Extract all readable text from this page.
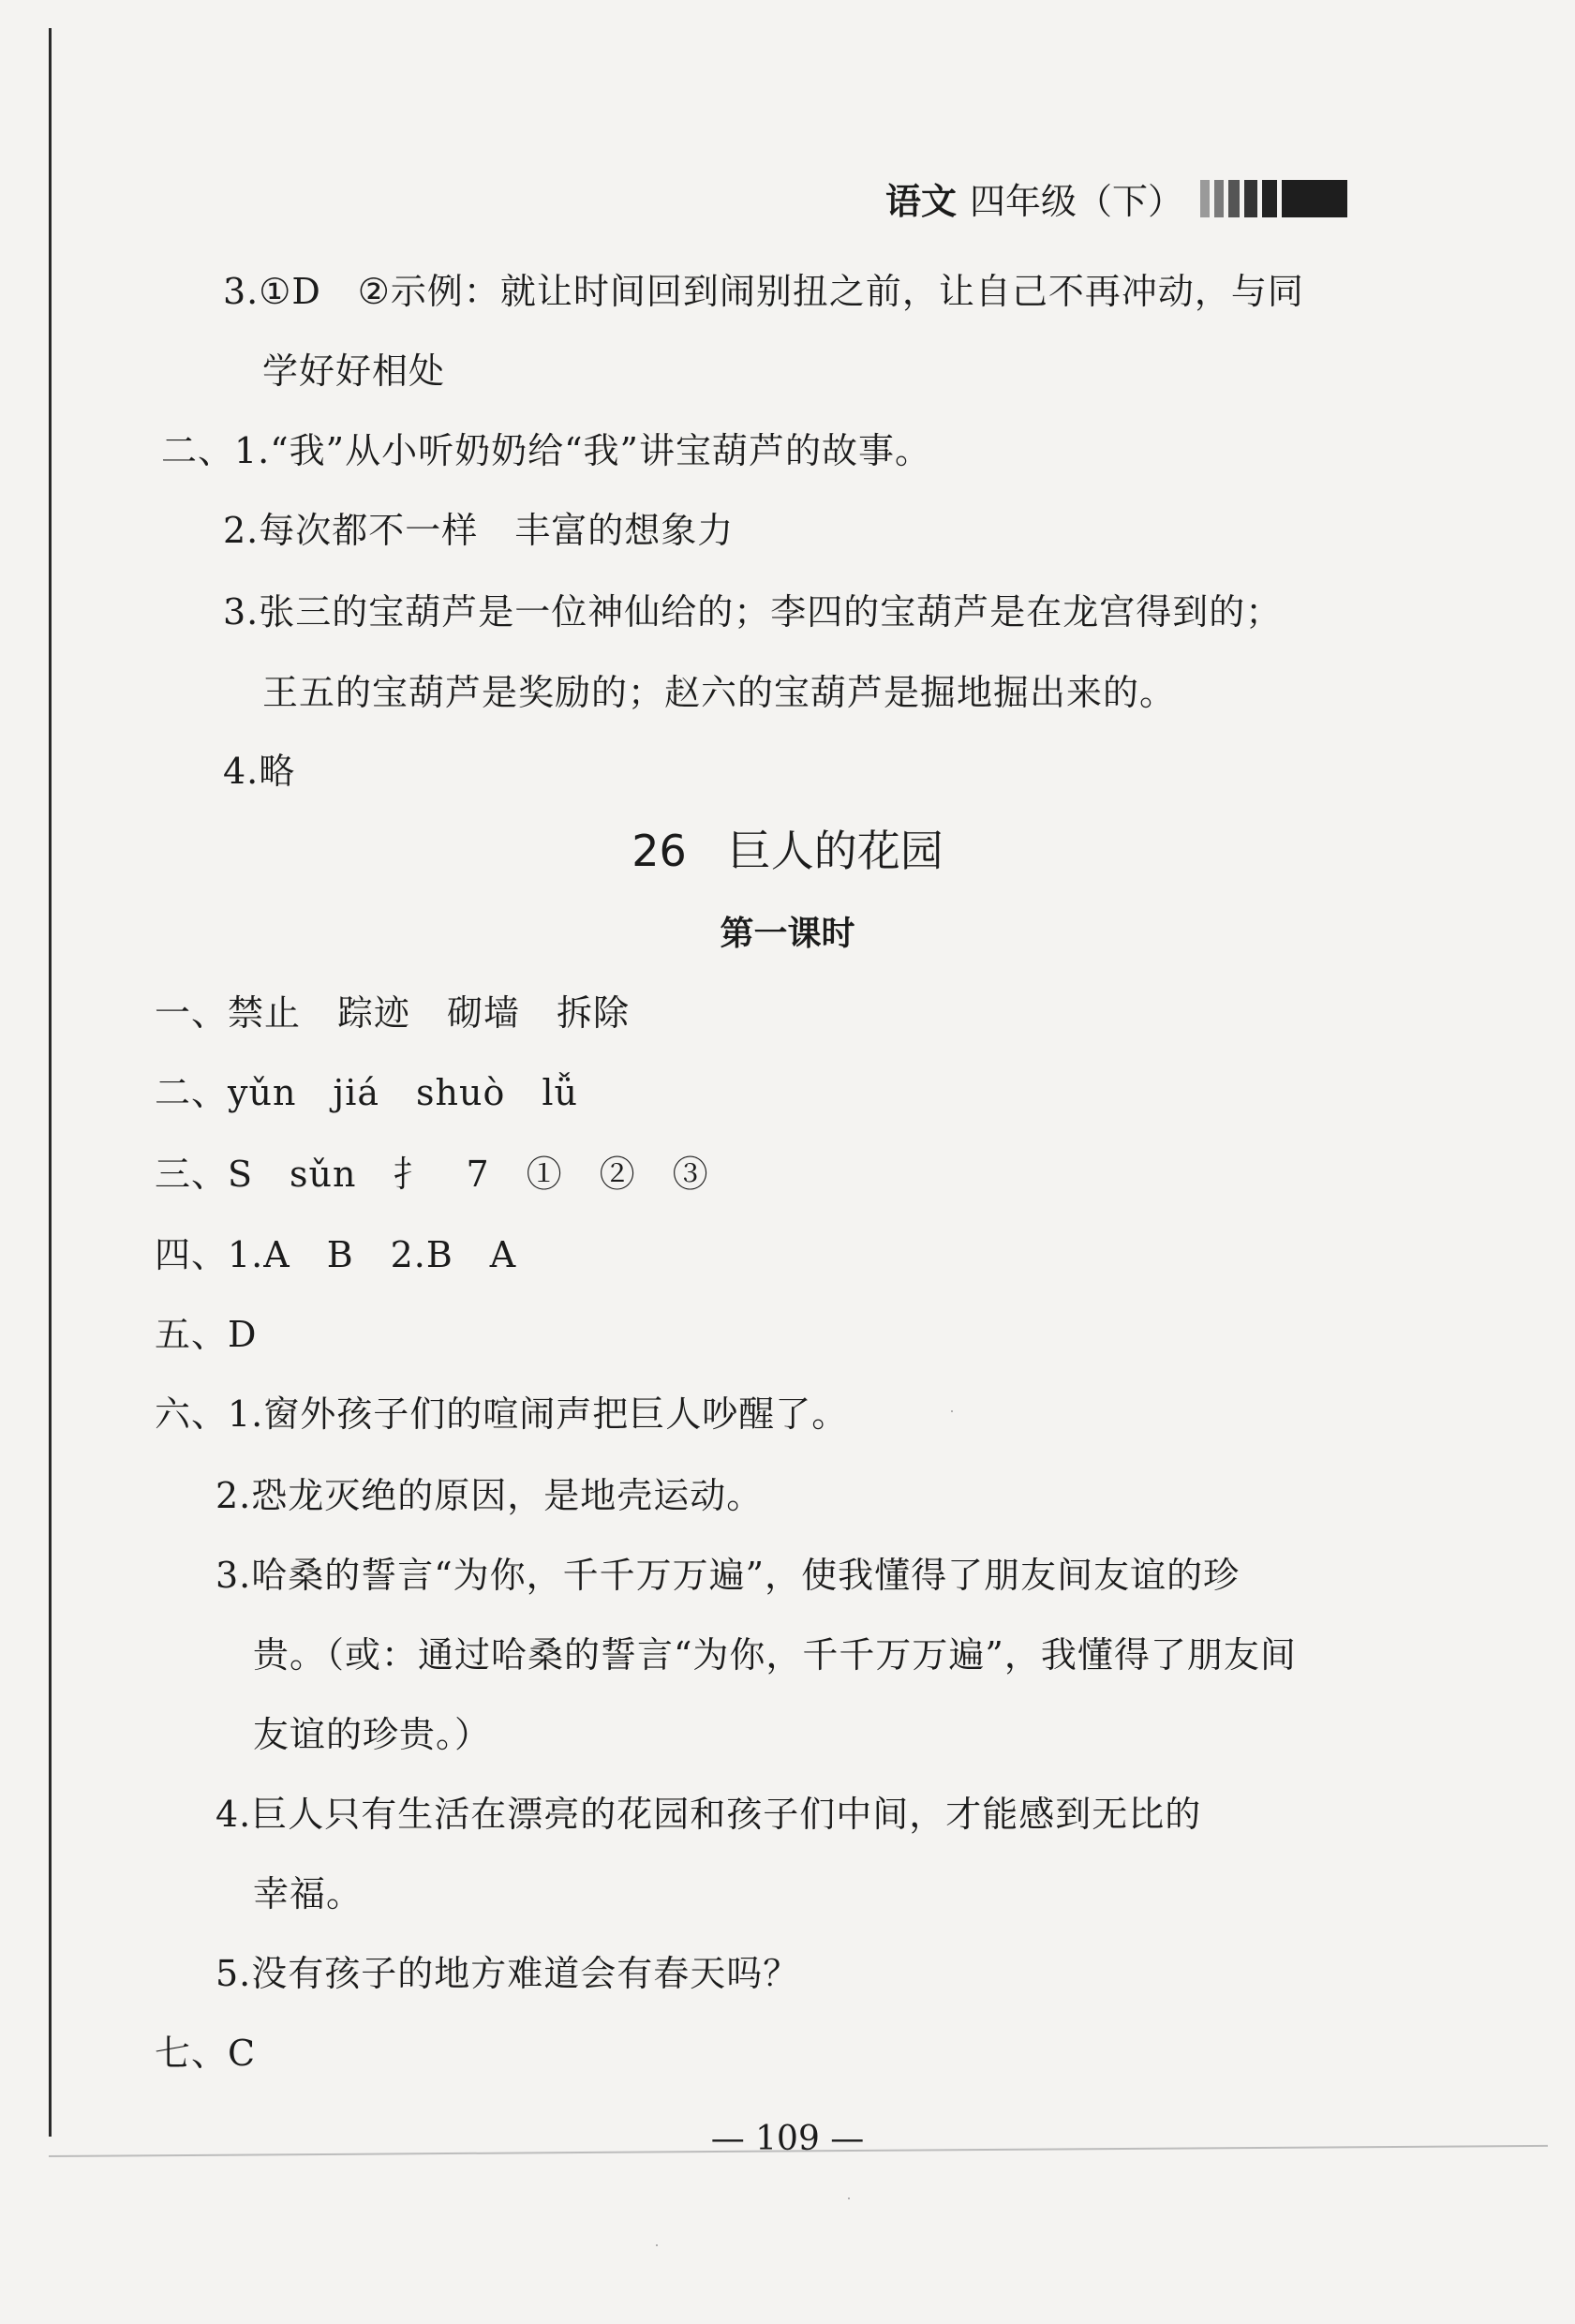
语文 四年级（下）
3.①D　②示例：就让时间回到闹别扭之前，让自己不再冲动，与同
学好好相处
二、1.“我”从小听奶奶给“我”讲宝葫芦的故事。
2.每次都不一样　丰富的想象力
3.张三的宝葫芦是一位神仙给的；李四的宝葫芦是在龙宫得到的；
王五的宝葫芦是奖励的；赵六的宝葫芦是掘地掘出来的。
4.略
26 巨人的花园
第一课时
一、禁止　踪迹　砌墙　拆除
二、yǔn　jiá　shuò　lǚ
三、S　sǔn　扌　7　①　②　③
四、1.A　B　2.B　A
五、D
六、1.窗外孩子们的喧闹声把巨人吵醒了。
2.恐龙灭绝的原因，是地壳运动。
3.哈桑的誓言“为你，千千万万遍”，使我懂得了朋友间友谊的珍
贵。（或：通过哈桑的誓言“为你，千千万万遍”，我懂得了朋友间
友谊的珍贵。）
4.巨人只有生活在漂亮的花园和孩子们中间，才能感到无比的
幸福。
5.没有孩子的地方难道会有春天吗？
七、C
— 109 —
